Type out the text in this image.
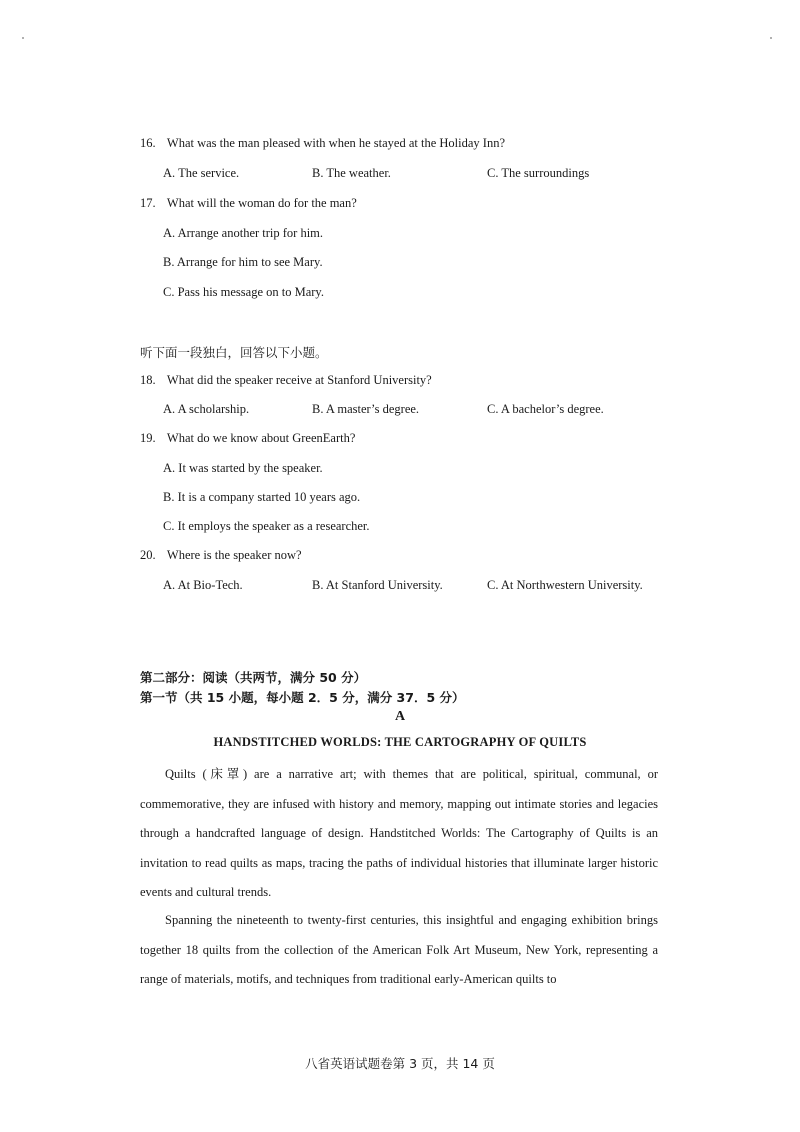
16. What was the man pleased with when he stayed at the Holiday Inn?
A. The service.	B. The weather.	C. The surroundings
17. What will the woman do for the man?
A. Arrange another trip for him.
B. Arrange for him to see Mary.
C. Pass his message on to Mary.
听下面一段独白，回答以下小题。
18. What did the speaker receive at Stanford University?
A. A scholarship.	B. A master’s degree.	C. A bachelor’s degree.
19. What do we know about GreenEarth?
A. It was started by the speaker.
B. It is a company started 10 years ago.
C. It employs the speaker as a researcher.
20. Where is the speaker now?
A. At Bio-Tech.	B. At Stanford University.	C. At Northwestern University.
第二部分：阅读（共两节，满分 50 分）
第一节（共 15 小题，每小题 2．5 分，满分 37．5 分）
A
HANDSTITCHED WORLDS: THE CARTOGRAPHY OF QUILTS
Quilts (床罩) are a narrative art; with themes that are political, spiritual, communal, or commemorative, they are infused with history and memory, mapping out intimate stories and legacies through a handcrafted language of design. Handstitched Worlds: The Cartography of Quilts is an invitation to read quilts as maps, tracing the paths of individual histories that illuminate larger historic events and cultural trends.
Spanning the nineteenth to twenty-first centuries, this insightful and engaging exhibition brings together 18 quilts from the collection of the American Folk Art Museum, New York, representing a range of materials, motifs, and techniques from traditional early-American quilts to
八省英语试题卷第 3 页，共 14 页
